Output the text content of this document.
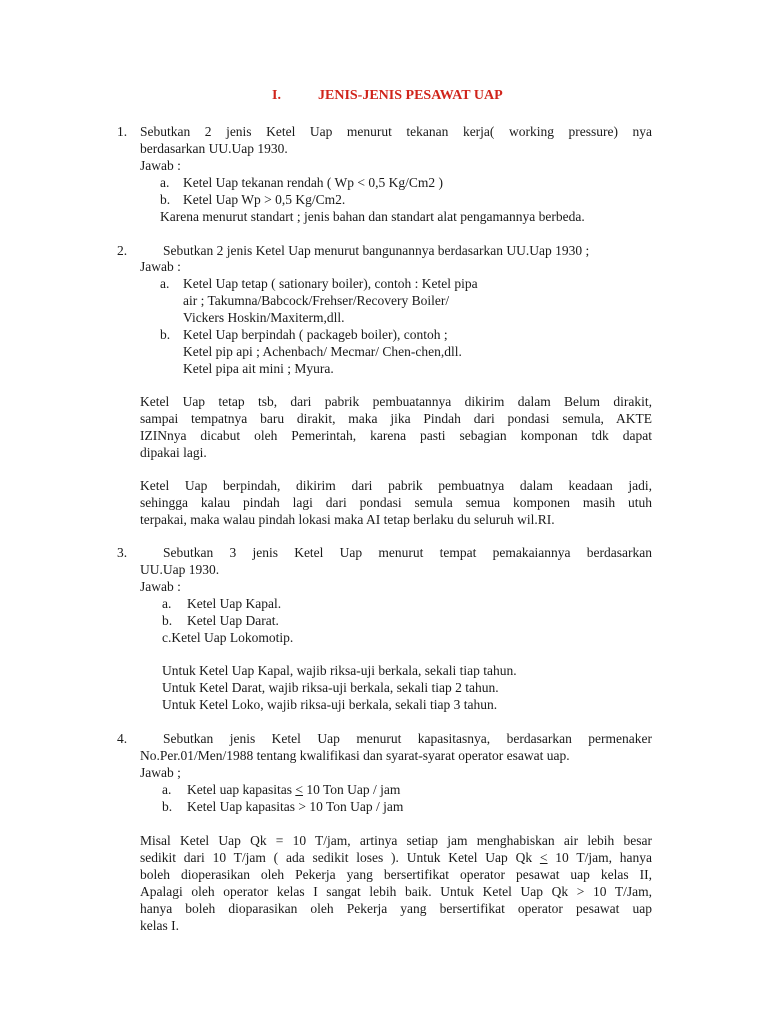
I.	JENIS-JENIS PESAWAT UAP
1. Sebutkan 2 jenis Ketel Uap menurut tekanan kerja( working pressure) nya
berdasarkan UU.Uap 1930.
Jawab :
a. Ketel Uap tekanan rendah ( Wp < 0,5 Kg/Cm2 )
b. Ketel Uap Wp > 0,5 Kg/Cm2.
Karena menurut standart ; jenis bahan dan standart alat pengamannya berbeda.
2.	Sebutkan 2 jenis Ketel Uap menurut bangunannya berdasarkan UU.Uap 1930 ;
Jawab :
a. Ketel Uap tetap ( sationary boiler), contoh : Ketel pipa
air ; Takumna/Babcock/Frehser/Recovery Boiler/
Vickers Hoskin/Maxiterm,dll.
b. Ketel Uap berpindah ( packageb boiler), contoh ;
Ketel pip api ; Achenbach/ Mecmar/ Chen-chen,dll.
Ketel pipa ait mini ; Myura.
Ketel Uap tetap tsb, dari pabrik pembuatannya dikirim dalam Belum dirakit,
sampai tempatnya baru dirakit, maka jika Pindah dari pondasi semula, AKTE
IZINnya dicabut oleh Pemerintah, karena pasti sebagian komponan tdk dapat
dipakai lagi.
Ketel Uap berpindah, dikirim dari pabrik pembuatnya dalam keadaan jadi,
sehingga kalau pindah lagi dari pondasi semula semua komponen masih utuh
terpakai, maka walau pindah lokasi maka AI tetap berlaku du seluruh wil.RI.
3.	Sebutkan 3 jenis Ketel Uap menurut tempat pemakaiannya berdasarkan
UU.Uap 1930.
Jawab :
a. Ketel Uap Kapal.
b. Ketel Uap Darat.
c.Ketel Uap Lokomotip.
Untuk Ketel Uap Kapal, wajib riksa-uji berkala, sekali tiap tahun.
Untuk Ketel Darat, wajib riksa-uji berkala, sekali tiap 2 tahun.
Untuk Ketel Loko, wajib riksa-uji berkala, sekali tiap 3 tahun.
4.	Sebutkan jenis Ketel Uap menurut kapasitasnya, berdasarkan permenaker
No.Per.01/Men/1988 tentang kwalifikasi dan syarat-syarat operator esawat uap.
Jawab ;
a. Ketel uap kapasitas ≤ 10 Ton Uap / jam
b. Ketel Uap kapasitas > 10 Ton Uap / jam
Misal Ketel Uap Qk = 10 T/jam, artinya setiap jam menghabiskan air lebih besar
sedikit dari 10 T/jam ( ada sedikit loses ). Untuk Ketel Uap Qk ≤ 10 T/jam, hanya
boleh dioperasikan oleh Pekerja yang bersertifikat operator pesawat uap kelas II,
Apalagi oleh operator kelas I sangat lebih baik. Untuk Ketel Uap Qk > 10 T/Jam,
hanya boleh dioparasikan oleh Pekerja yang bersertifikat operator pesawat uap
kelas I.
